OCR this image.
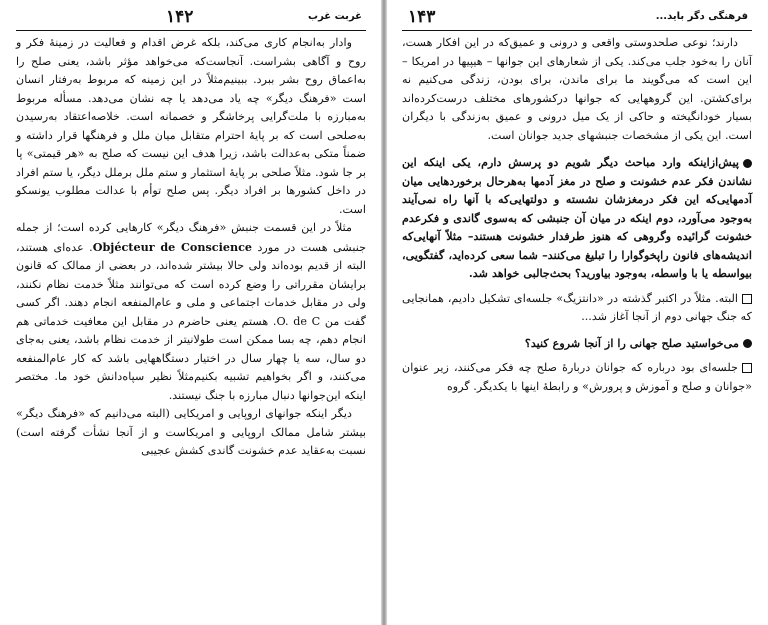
۱۴۲	غربت غرب

وادار به‌انجام کاری می‌کند، بلکه غرض اقدام و فعالیت در زمینهٔ فکر و روح و آگاهی بشراست. آنجاست‌که می‌خواهد مؤثر باشد، یعنی صلح را به‌اعماق روح بشر ببرد. ببینیم‌مثلاً در این زمینه که مربوط به‌رفتار انسان است «فرهنگ دیگر» چه یاد می‌دهد یا چه نشان می‌دهد. مسأله مربوط به‌مبارزه با ملت‌گرایی پرخاشگر و خصمانه است. خلاصه‌اعتقاد به‌رسیدن به‌صلحی است که بر پایهٔ احترام متقابل میان ملل و فرهنگها قرار داشته و ضمناً متکی به‌عدالت باشد، زیرا هدف این نیست که صلح به «هر قیمتی» پا بر جا شود. مثلاً صلحی بر پایهٔ استثمار و ستم ملل برملل دیگر، یا ستم افراد در داخل کشورها بر افراد دیگر. پس صلح توأم با عدالت مطلوب یونسکو است.

مثلاً در این قسمت جنبش «فرهنگ دیگر» کارهایی کرده است؛ از جمله جنبشی هست در مورد Objécteur de Conscience. عده‌ای هستند، البته از قدیم بوده‌اند ولی حالا بیشتر شده‌اند، در بعضی از ممالک که قانون برایشان مقرراتی را وضع کرده است که می‌توانند مثلاً خدمت نظام نکنند، ولی در مقابل خدمات اجتماعی و ملی و عام‌المنفعه انجام دهند. اگر کسی گفت من O. de C. هستم یعنی حاضرم در مقابل این معافیت خدماتی هم انجام دهم، چه بسا ممکن است طولانیتر از خدمت نظام باشد، یعنی به‌جای دو سال، سه یا چهار سال در اختیار دستگاههایی باشد که کار عام‌المنفعه می‌کنند، و اگر بخواهیم تشبیه بکنیم‌مثلاً نظیر سپاه‌دانش خود ما. مختصر اینکه این‌جوانها دنبال مبارزه با جنگ نیستند.

دیگر اینکه جوانهای اروپایی و امریکایی (البته می‌دانیم که «فرهنگ دیگر» بیشتر شامل ممالک اروپایی و امریکاست و از آنجا نشأت گرفته است) نسبت به‌عقاید عدم خشونت گاندی کشش عجیبی

۱۴۳	فرهنگی دگر باید...

دارند؛ نوعی صلحدوستی واقعی و درونی و عمیق‌که در این افکار هست، آنان را به‌خود جلب می‌کند. یکی از شعارهای این جوانها – هیپیها در امریکا – این است که می‌گویند ما برای ماندن، برای بودن، زندگی می‌کنیم نه برای‌کشتن. این گروههایی که جوانها درکشورهای مختلف درست‌کرده‌اند بسیار خودانگیخته و حاکی از یک میل درونی و عمیق به‌زندگی با دیگران است. این یکی از مشخصات جنبشهای جدید جوانان است.

پیش‌ازاینکه وارد مباحث دیگر شویم دو پرسش دارم، یکی اینکه این نشاندن فکر عدم خشونت و صلح در مغز آدمها به‌هرحال برخوردهایی میان آدمهایی‌که این فکر درمغزشان نشسته و دولتهایی‌که با آنها راه نمی‌آیند به‌وجود می‌آورد، دوم اینکه در میان آن جنبشی که به‌سوی گاندی و فکرعدم خشونت گرائیده وگروهی که هنوز طرفدار خشونت هستند– مثلاً آنهایی‌که اندیشه‌های فانون راپخوگوارا را تبلیغ می‌کنند– شما سعی کرده‌اید، گفتگویی، بیواسطه یا با واسطه، به‌وجود بیاورید؟ بحث‌جالبی خواهد شد.

البته. مثلاً در اکتبر گذشته در «دانتزیگ» جلسه‌ای تشکیل دادیم، همانجایی که جنگ جهانی دوم از آنجا آغاز شد...

می‌خواستید صلح جهانی را از آنجا شروع کنید؟

جلسه‌ای بود درباره که جوانان دربارهٔ صلح چه فکر می‌کنند، زیر عنوان «جوانان و صلح و آموزش و پرورش» و رابطهٔ اینها با یکدیگر. گروه‌
